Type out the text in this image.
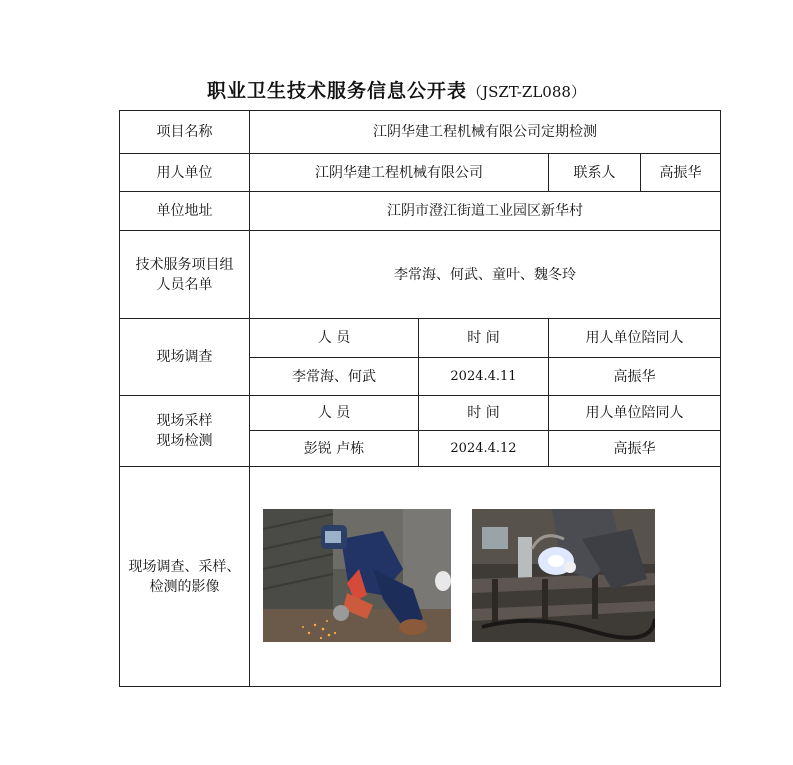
职业卫生技术服务信息公开表（JSZT-ZL088）
项目名称	江阴华建工程机械有限公司定期检测			
用人单位	江阴华建工程机械有限公司		联系人	高振华
单位地址	江阴市澄江街道工业园区新华村			
技术服务项目组人员名单	李常海、何武、童叶、魏冬玲			
现场调查	人 员	时 间	用人单位陪同人	
	李常海、何武	2024.4.11	高振华	
现场采样现场检测	人 员	时 间	用人单位陪同人	
	彭锐 卢栋	2024.4.12	高振华	
现场调查、采样、检测的影像	
